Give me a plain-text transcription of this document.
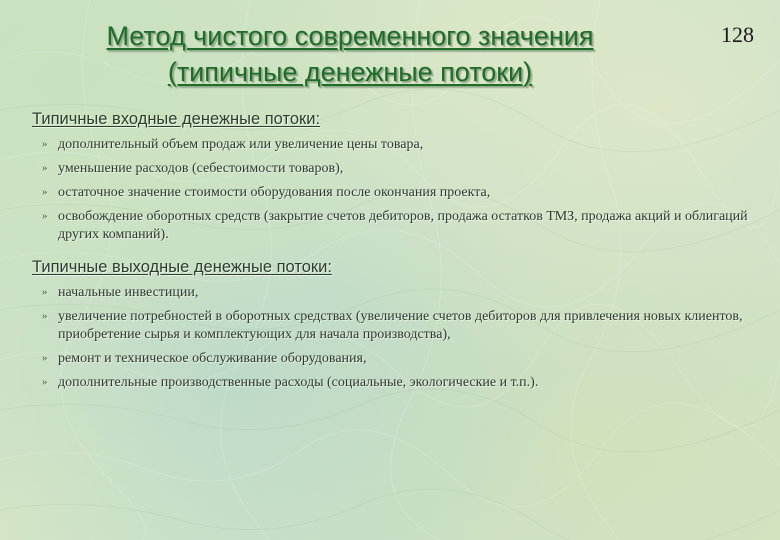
128
Метод чистого современного значения
(типичные денежные потоки)
Типичные входные денежные потоки:
» дополнительный объем продаж или увеличение цены товара,
» уменьшение расходов (себестоимости товаров),
» остаточное значение стоимости оборудования после окончания проекта,
» освобождение оборотных средств (закрытие счетов дебиторов, продажа остатков ТМЗ, продажа акций и облигаций других компаний).
Типичные выходные денежные потоки:
» начальные инвестиции,
» увеличение потребностей в оборотных средствах (увеличение счетов дебиторов для привлечения новых клиентов, приобретение сырья и комплектующих для начала производства),
» ремонт и техническое обслуживание оборудования,
» дополнительные производственные расходы (социальные, экологические и т.п.).
